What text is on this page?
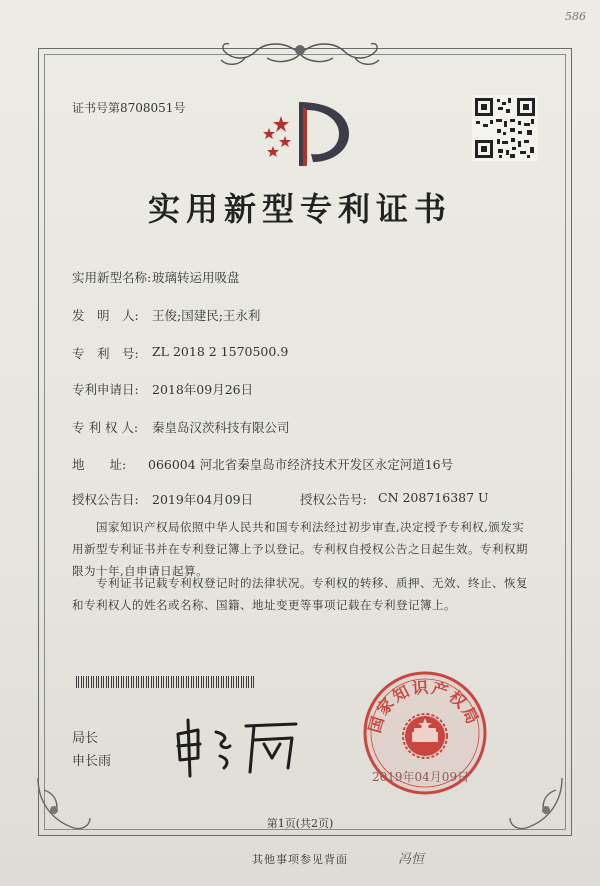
586
证书号第8708051号
实用新型专利证书
实用新型名称: 玻璃转运用吸盘
发　明　人: 王俊;国建民;王永利
专　利　号: ZL 2018 2 1570500.9
专利申请日: 2018年09月26日
专 利 权 人: 秦皇岛汉茨科技有限公司
地　　址: 066004 河北省秦皇岛市经济技术开发区永定河道16号
授权公告日: 2019年04月09日	授权公告号: CN 208716387 U
国家知识产权局依照中华人民共和国专利法经过初步审查,决定授予专利权,颁发实用新型专利证书并在专利登记簿上予以登记。专利权自授权公告之日起生效。专利权期限为十年,自申请日起算。
专利证书记载专利权登记时的法律状况。专利权的转移、质押、无效、终止、恢复和专利权人的姓名或名称、国籍、地址变更等事项记载在专利登记簿上。
国家知识产权局
2019年04月09日
局长
申长雨
第1页(共2页)
其他事项参见背面	冯恒
